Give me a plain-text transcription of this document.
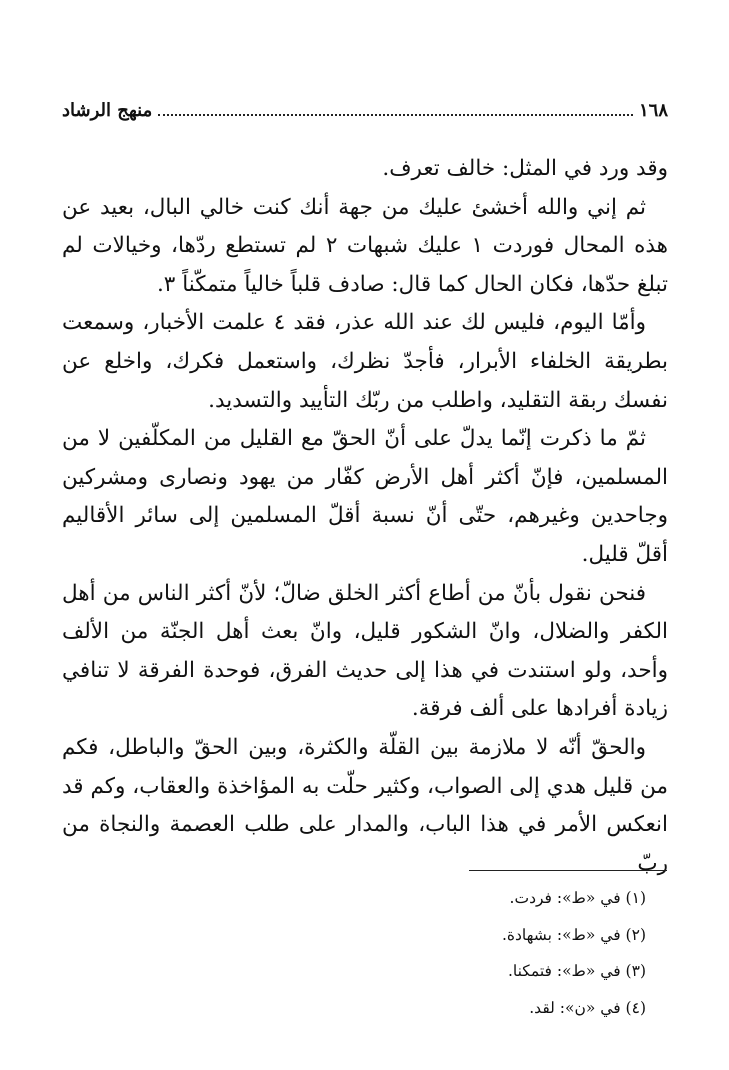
١٦٨
منهج الرشاد

وقد ورد في المثل: خالف تعرف.

ثم إني والله أخشئ عليك من جهة أنك كنت خالي البال، بعيد عن هذه المحال فوردت ١ عليك شبهات ٢ لم تستطع ردّها، وخيالات لم تبلغ حدّها، فكان الحال كما قال: صادف قلباً خالياً متمكّناً ٣.

وأمّا اليوم، فليس لك عند الله عذر، فقد ٤ علمت الأخبار، وسمعت بطريقة الخلفاء الأبرار، فأجدّ نظرك، واستعمل فكرك، واخلع عن نفسك ربقة التقليد، واطلب من ربّك التأييد والتسديد.

ثمّ ما ذكرت إنّما يدلّ على أنّ الحقّ مع القليل من المكلّفين لا من المسلمين، فإنّ أكثر أهل الأرض كفّار من يهود ونصارى ومشركين وجاحدين وغيرهم، حتّى أنّ نسبة أقلّ المسلمين إلى سائر الأقاليم أقلّ قليل.

فنحن نقول بأنّ من أطاع أكثر الخلق ضالّ؛ لأنّ أكثر الناس من أهل الكفر والضلال، وانّ الشكور قليل، وانّ بعث أهل الجنّة من الألف وأحد، ولو استندت في هذا إلى حديث الفرق، فوحدة الفرقة لا تنافي زيادة أفرادها على ألف فرقة.

والحقّ أنّه لا ملازمة بين القلّة والكثرة، وبين الحقّ والباطل، فكم من قليل هدي إلى الصواب، وكثير حلّت به المؤاخذة والعقاب، وكم قد انعكس الأمر في هذا الباب، والمدار على طلب العصمة والنجاة من ربّ

(١) في «ط»: فردت.

(٢) في «ط»: بشهادة.

(٣) في «ط»: فتمكنا.

(٤) في «ن»: لقد.
